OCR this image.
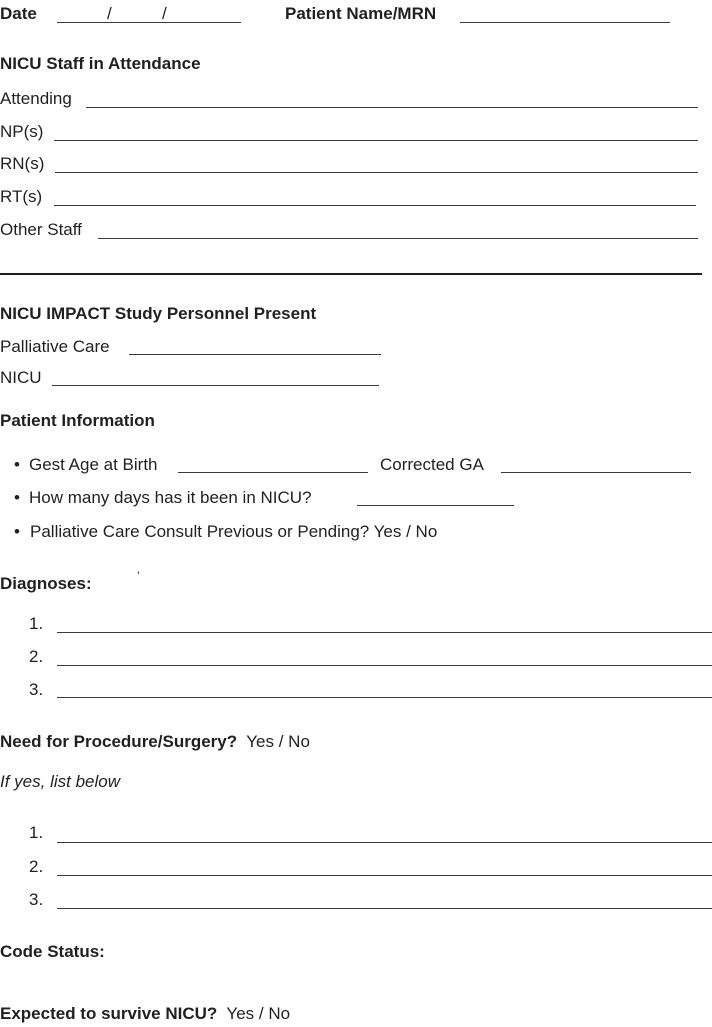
Date	/	/	Patient Name/MRN
NICU Staff in Attendance
Attending
NP(s)
RN(s)
RT(s)
Other Staff
NICU IMPACT Study Personnel Present
Palliative Care
NICU
Patient Information
• Gest Age at Birth	Corrected GA
• How many days has it been in NICU?
• Palliative Care Consult Previous or Pending? Yes / No
Diagnoses:	’
1.
2.
3.
Need for Procedure/Surgery? Yes / No
If yes, list below
1.
2.
3.
Code Status:
Expected to survive NICU? Yes / No
